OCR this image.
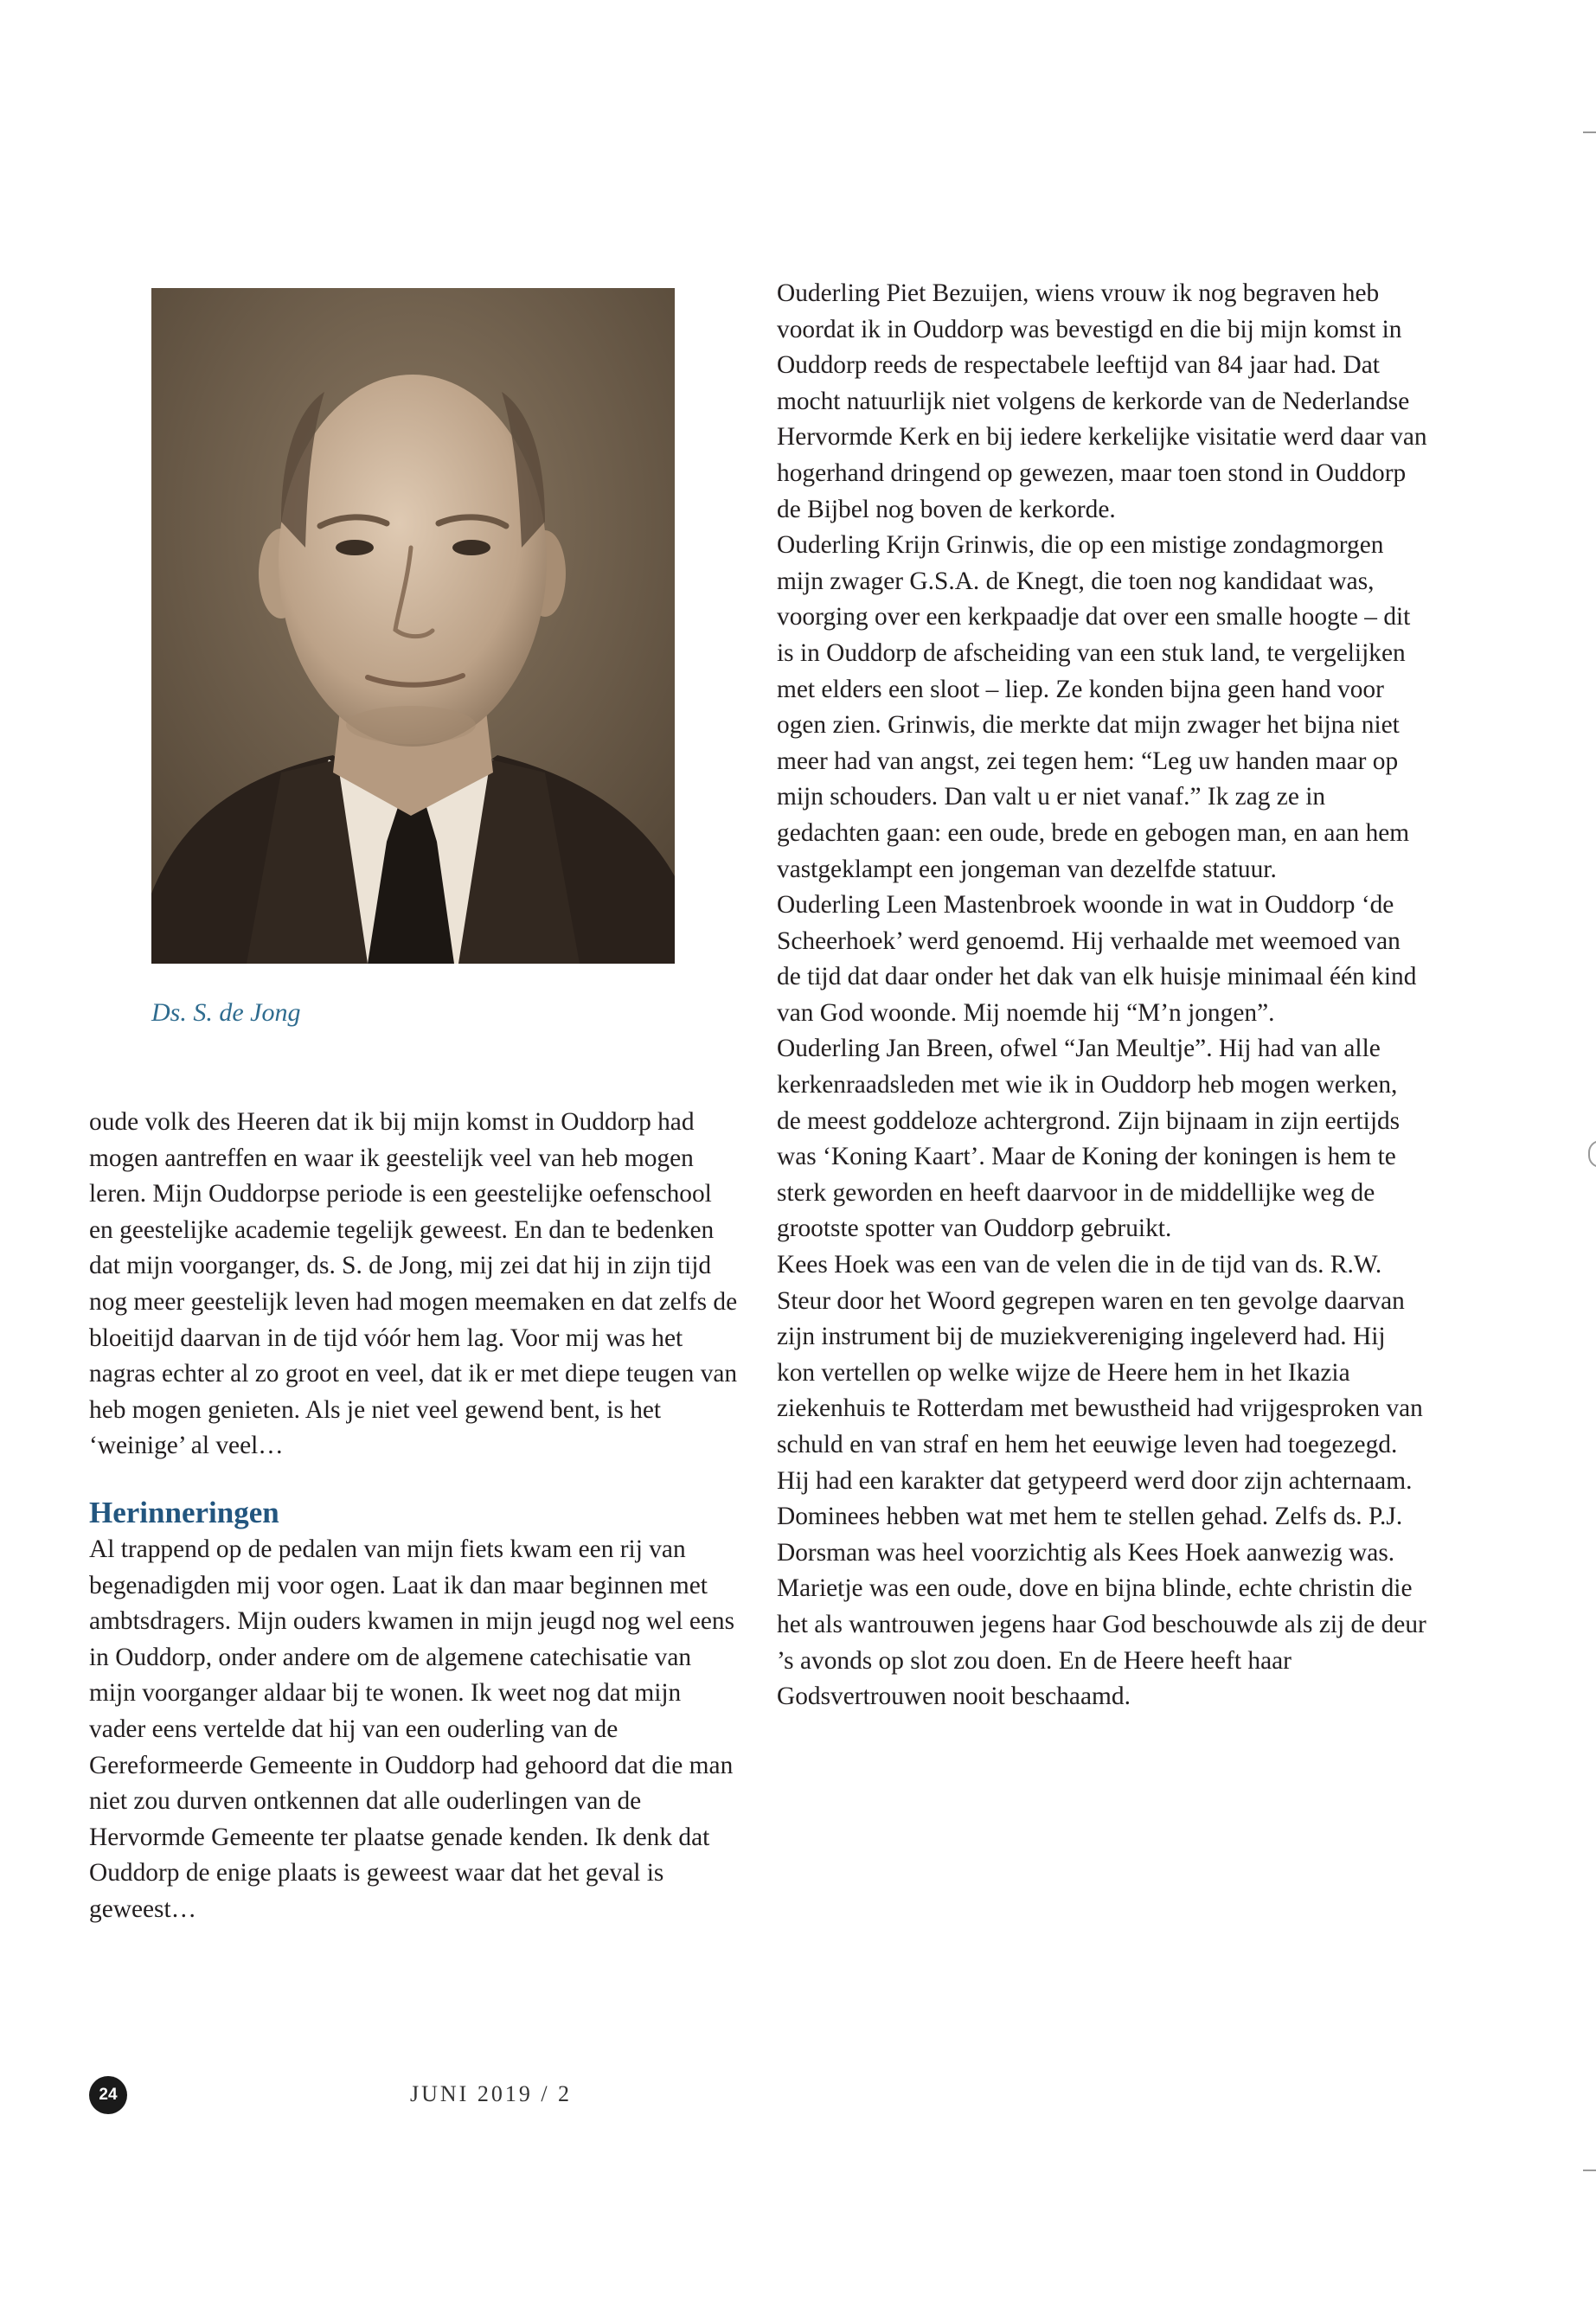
Ds. S. de Jong

oude volk des Heeren dat ik bij mijn komst in Ouddorp had mogen aantreffen en waar ik geestelijk veel van heb mogen leren. Mijn Ouddorpse periode is een geestelijke oefenschool en geestelijke academie tegelijk geweest. En dan te bedenken dat mijn voorganger, ds. S. de Jong, mij zei dat hij in zijn tijd nog meer geestelijk leven had mogen meemaken en dat zelfs de bloeitijd daarvan in de tijd vóór hem lag. Voor mij was het nagras echter al zo groot en veel, dat ik er met diepe teugen van heb mogen genieten. Als je niet veel gewend bent, is het ‘weinige’ al veel…

Herinneringen

Al trappend op de pedalen van mijn fiets kwam een rij van begenadigden mij voor ogen. Laat ik dan maar beginnen met ambtsdragers. Mijn ouders kwamen in mijn jeugd nog wel eens in Ouddorp, onder andere om de algemene catechisatie van mijn voorganger aldaar bij te wonen. Ik weet nog dat mijn vader eens vertelde dat hij van een ouderling van de Gereformeerde Gemeente in Ouddorp had gehoord dat die man niet zou durven ontkennen dat alle ouderlingen van de Hervormde Gemeente ter plaatse genade kenden. Ik denk dat Ouddorp de enige plaats is geweest waar dat het geval is geweest…

Ouderling Piet Bezuijen, wiens vrouw ik nog begraven heb voordat ik in Ouddorp was bevestigd en die bij mijn komst in Ouddorp reeds de respectabele leeftijd van 84 jaar had. Dat mocht natuurlijk niet volgens de kerkorde van de Nederlandse Hervormde Kerk en bij iedere kerkelijke visitatie werd daar van hogerhand dringend op gewezen, maar toen stond in Ouddorp de Bijbel nog boven de kerkorde.

Ouderling Krijn Grinwis, die op een mistige zondagmorgen mijn zwager G.S.A. de Knegt, die toen nog kandidaat was, voorging over een kerkpaadje dat over een smalle hoogte – dit is in Ouddorp de afscheiding van een stuk land, te vergelijken met elders een sloot – liep. Ze konden bijna geen hand voor ogen zien. Grinwis, die merkte dat mijn zwager het bijna niet meer had van angst, zei tegen hem: “Leg uw handen maar op mijn schouders. Dan valt u er niet vanaf.” Ik zag ze in gedachten gaan: een oude, brede en gebogen man, en aan hem vastgeklampt een jongeman van dezelfde statuur.

Ouderling Leen Mastenbroek woonde in wat in Ouddorp ‘de Scheerhoek’ werd genoemd. Hij verhaalde met weemoed van de tijd dat daar onder het dak van elk huisje minimaal één kind van God woonde. Mij noemde hij “M’n jongen”.

Ouderling Jan Breen, ofwel “Jan Meultje”. Hij had van alle kerkenraadsleden met wie ik in Ouddorp heb mogen werken, de meest goddeloze achtergrond. Zijn bijnaam in zijn eertijds was ‘Koning Kaart’. Maar de Koning der koningen is hem te sterk geworden en heeft daarvoor in de middellijke weg de grootste spotter van Ouddorp gebruikt.

Kees Hoek was een van de velen die in de tijd van ds. R.W. Steur door het Woord gegrepen waren en ten gevolge daarvan zijn instrument bij de muziekvereniging ingeleverd had. Hij kon vertellen op welke wijze de Heere hem in het Ikazia ziekenhuis te Rotterdam met bewustheid had vrijgesproken van schuld en van straf en hem het eeuwige leven had toegezegd. Hij had een karakter dat getypeerd werd door zijn achternaam. Dominees hebben wat met hem te stellen gehad. Zelfs ds. P.J. Dorsman was heel voorzichtig als Kees Hoek aanwezig was.

Marietje was een oude, dove en bijna blinde, echte christin die het als wantrouwen jegens haar God beschouwde als zij de deur ’s avonds op slot zou doen. En de Heere heeft haar Godsvertrouwen nooit beschaamd.

24	JUNI 2019 / 2
